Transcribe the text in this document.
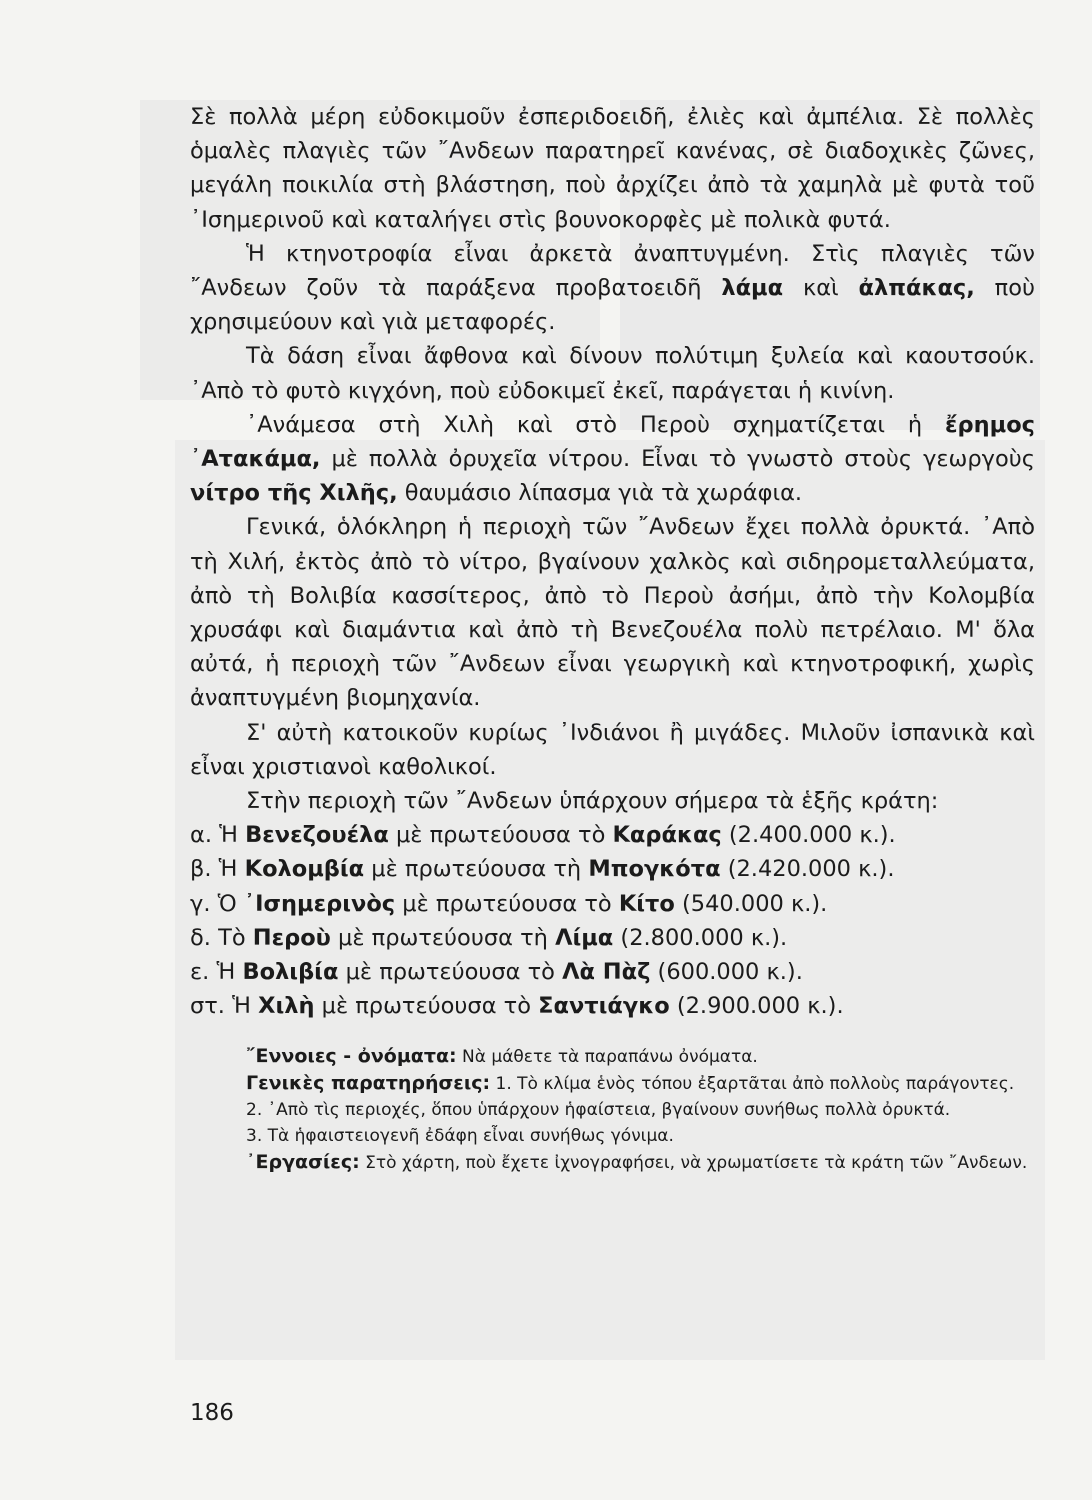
Σὲ πολλὰ μέρη εὐδοκιμοῦν ἐσπεριδοειδῆ, ἐλιὲς καὶ ἀμπέλια. Σὲ πολλὲς ὁμαλὲς πλαγιὲς τῶν ῎Ανδεων παρατηρεῖ κανένας, σὲ διαδοχικὲς ζῶνες, μεγάλη ποικιλία στὴ βλάστηση, ποὺ ἀρχίζει ἀπὸ τὰ χαμηλὰ μὲ φυτὰ τοῦ ᾿Ισημερινοῦ καὶ καταλήγει στὶς βουνοκορφὲς μὲ πολικὰ φυτά.

Ἡ κτηνοτροφία εἶναι ἀρκετὰ ἀναπτυγμένη. Στὶς πλαγιὲς τῶν ῎Ανδεων ζοῦν τὰ παράξενα προβατοειδῆ λάμα καὶ ἀλπάκας, ποὺ χρησιμεύουν καὶ γιὰ μεταφορές.

Τὰ δάση εἶναι ἄφθονα καὶ δίνουν πολύτιμη ξυλεία καὶ καουτσούκ. ᾿Απὸ τὸ φυτὸ κιγχόνη, ποὺ εὐδοκιμεῖ ἐκεῖ, παράγεται ἡ κινίνη.

᾿Ανάμεσα στὴ Χιλὴ καὶ στὸ Περοὺ σχηματίζεται ἡ ἔρημος ᾿Ατακάμα, μὲ πολλὰ ὀρυχεῖα νίτρου. Εἶναι τὸ γνωστὸ στοὺς γεωργοὺς νίτρο τῆς Χιλῆς, θαυμάσιο λίπασμα γιὰ τὰ χωράφια.

Γενικά, ὁλόκληρη ἡ περιοχὴ τῶν ῎Ανδεων ἔχει πολλὰ ὀρυκτά. ᾿Απὸ τὴ Χιλή, ἐκτὸς ἀπὸ τὸ νίτρο, βγαίνουν χαλκὸς καὶ σιδηρομεταλλεύματα, ἀπὸ τὴ Βολιβία κασσίτερος, ἀπὸ τὸ Περοὺ ἀσήμι, ἀπὸ τὴν Κολομβία χρυσάφι καὶ διαμάντια καὶ ἀπὸ τὴ Βενεζουέλα πολὺ πετρέλαιο. Μ' ὅλα αὐτά, ἡ περιοχὴ τῶν ῎Ανδεων εἶναι γεωργικὴ καὶ κτηνοτροφική, χωρὶς ἀναπτυγμένη βιομηχανία.

Σ' αὐτὴ κατοικοῦν κυρίως ᾿Ινδιάνοι ἢ μιγάδες. Μιλοῦν ἰσπανικὰ καὶ εἶναι χριστιανοὶ καθολικοί.

Στὴν περιοχὴ τῶν ῎Ανδεων ὑπάρχουν σήμερα τὰ ἑξῆς κράτη:

α. Ἡ Βενεζουέλα μὲ πρωτεύουσα τὸ Καράκας (2.400.000 κ.).

β. Ἡ Κολομβία μὲ πρωτεύουσα τὴ Μπογκότα (2.420.000 κ.).

γ. Ὁ ᾿Ισημερινὸς μὲ πρωτεύουσα τὸ Κίτο (540.000 κ.).

δ. Τὸ Περοὺ μὲ πρωτεύουσα τὴ Λίμα (2.800.000 κ.).

ε. Ἡ Βολιβία μὲ πρωτεύουσα τὸ Λὰ Πὰζ (600.000 κ.).

στ. Ἡ Χιλὴ μὲ πρωτεύουσα τὸ Σαντιάγκο (2.900.000 κ.).

῎Εννοιες - ὀνόματα: Νὰ μάθετε τὰ παραπάνω ὀνόματα.

Γενικὲς παρατηρήσεις: 1. Τὸ κλίμα ἑνὸς τόπου ἐξαρτᾶται ἀπὸ πολλοὺς παράγοντες.

2. ᾿Απὸ τὶς περιοχές, ὅπου ὑπάρχουν ἡφαίστεια, βγαίνουν συνήθως πολλὰ ὀρυκτά.

3. Τὰ ἡφαιστειογενῆ ἐδάφη εἶναι συνήθως γόνιμα.

᾿Εργασίες: Στὸ χάρτη, ποὺ ἔχετε ἰχνογραφήσει, νὰ χρωματίσετε τὰ κράτη τῶν ῎Ανδεων.

186
